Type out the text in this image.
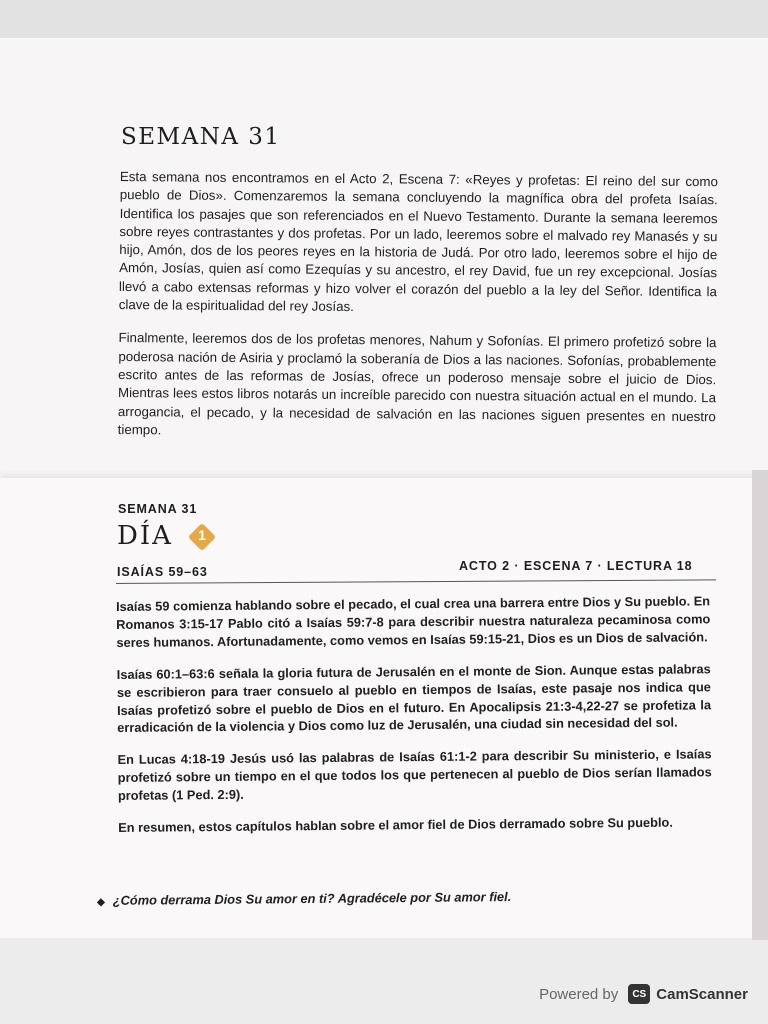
SEMANA 31

Esta semana nos encontramos en el Acto 2, Escena 7: «Reyes y profetas: El reino del sur como pueblo de Dios». Comenzaremos la semana concluyendo la magnífica obra del profeta Isaías. Identifica los pasajes que son referenciados en el Nuevo Testamento. Durante la semana leeremos sobre reyes contrastantes y dos profetas. Por un lado, leeremos sobre el malvado rey Manasés y su hijo, Amón, dos de los peores reyes en la historia de Judá. Por otro lado, leeremos sobre el hijo de Amón, Josías, quien así como Ezequías y su ancestro, el rey David, fue un rey excepcional. Josías llevó a cabo extensas reformas y hizo volver el corazón del pueblo a la ley del Señor. Identifica la clave de la espiritualidad del rey Josías.

Finalmente, leeremos dos de los profetas menores, Nahum y Sofonías. El primero profetizó sobre la poderosa nación de Asiria y proclamó la soberanía de Dios a las naciones. Sofonías, probablemente escrito antes de las reformas de Josías, ofrece un poderoso mensaje sobre el juicio de Dios. Mientras lees estos libros notarás un increíble parecido con nuestra situación actual en el mundo. La arrogancia, el pecado, y la necesidad de salvación en las naciones siguen presentes en nuestro tiempo.

SEMANA 31
DÍA	1
ISAÍAS 59–63	ACTO 2 · ESCENA 7 · LECTURA 18

Isaías 59 comienza hablando sobre el pecado, el cual crea una barrera entre Dios y Su pueblo. En Romanos 3:15-17 Pablo citó a Isaías 59:7-8 para describir nuestra naturaleza pecaminosa como seres humanos. Afortunadamente, como vemos en Isaías 59:15-21, Dios es un Dios de salvación.

Isaías 60:1–63:6 señala la gloria futura de Jerusalén en el monte de Sion. Aunque estas palabras se escribieron para traer consuelo al pueblo en tiempos de Isaías, este pasaje nos indica que Isaías profetizó sobre el pueblo de Dios en el futuro. En Apocalipsis 21:3-4,22-27 se profetiza la erradicación de la violencia y Dios como luz de Jerusalén, una ciudad sin necesidad del sol.

En Lucas 4:18-19 Jesús usó las palabras de Isaías 61:1-2 para describir Su ministerio, e Isaías profetizó sobre un tiempo en el que todos los que pertenecen al pueblo de Dios serían llamados profetas (1 Ped. 2:9).

En resumen, estos capítulos hablan sobre el amor fiel de Dios derramado sobre Su pueblo.

◆ ¿Cómo derrama Dios Su amor en ti? Agradécele por Su amor fiel.
Powered by	CS CamScanner
